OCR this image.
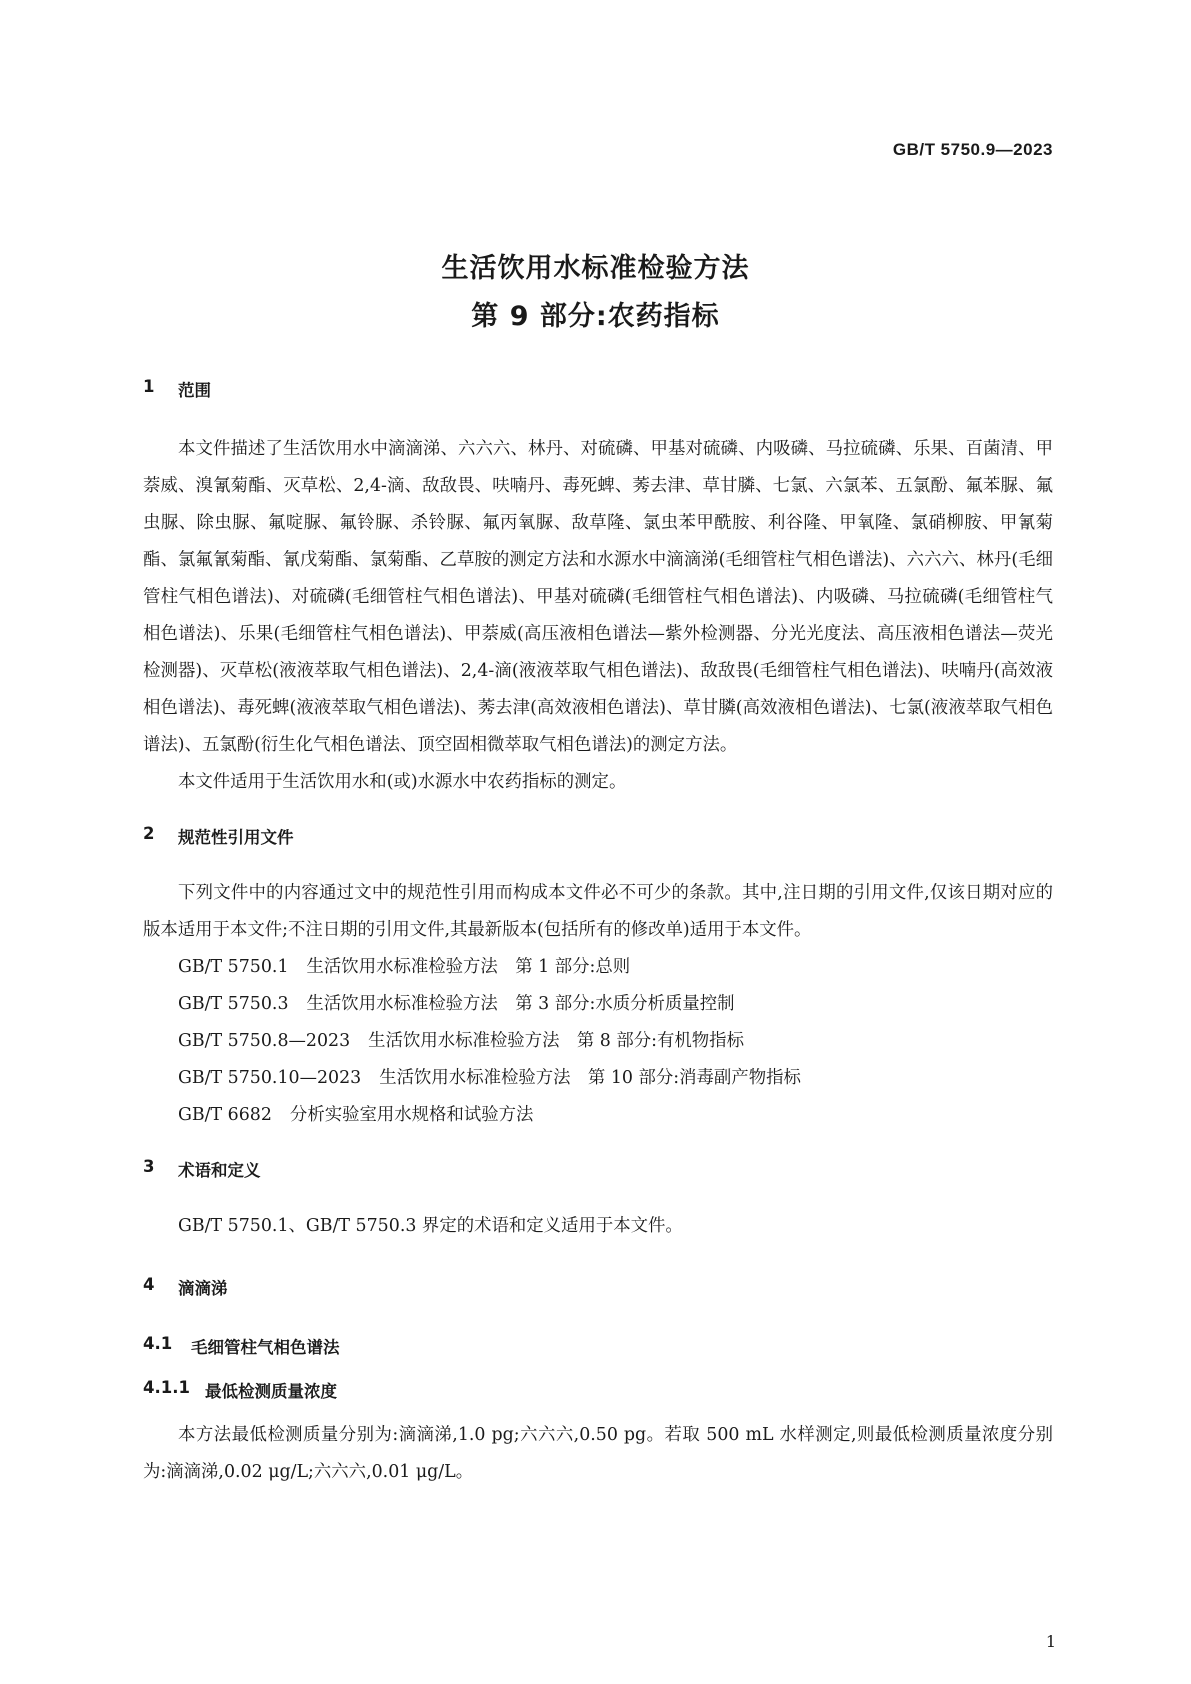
GB/T 5750.9—2023
生活饮用水标准检验方法
第 9 部分:农药指标
1	范围

本文件描述了生活饮用水中滴滴涕、六六六、林丹、对硫磷、甲基对硫磷、内吸磷、马拉硫磷、乐果、百菌清、甲萘威、溴氰菊酯、灭草松、2,4-滴、敌敌畏、呋喃丹、毒死蜱、莠去津、草甘膦、七氯、六氯苯、五氯酚、氟苯脲、氟虫脲、除虫脲、氟啶脲、氟铃脲、杀铃脲、氟丙氧脲、敌草隆、氯虫苯甲酰胺、利谷隆、甲氧隆、氯硝柳胺、甲氰菊酯、氯氟氰菊酯、氰戊菊酯、氯菊酯、乙草胺的测定方法和水源水中滴滴涕(毛细管柱气相色谱法)、六六六、林丹(毛细管柱气相色谱法)、对硫磷(毛细管柱气相色谱法)、甲基对硫磷(毛细管柱气相色谱法)、内吸磷、马拉硫磷(毛细管柱气相色谱法)、乐果(毛细管柱气相色谱法)、甲萘威(高压液相色谱法—紫外检测器、分光光度法、高压液相色谱法—荧光检测器)、灭草松(液液萃取气相色谱法)、2,4-滴(液液萃取气相色谱法)、敌敌畏(毛细管柱气相色谱法)、呋喃丹(高效液相色谱法)、毒死蜱(液液萃取气相色谱法)、莠去津(高效液相色谱法)、草甘膦(高效液相色谱法)、七氯(液液萃取气相色谱法)、五氯酚(衍生化气相色谱法、顶空固相微萃取气相色谱法)的测定方法。

本文件适用于生活饮用水和(或)水源水中农药指标的测定。

2	规范性引用文件

下列文件中的内容通过文中的规范性引用而构成本文件必不可少的条款。其中,注日期的引用文件,仅该日期对应的版本适用于本文件;不注日期的引用文件,其最新版本(包括所有的修改单)适用于本文件。

GB/T 5750.1 生活饮用水标准检验方法　第 1 部分:总则
GB/T 5750.3 生活饮用水标准检验方法　第 3 部分:水质分析质量控制
GB/T 5750.8—2023 生活饮用水标准检验方法　第 8 部分:有机物指标
GB/T 5750.10—2023 生活饮用水标准检验方法　第 10 部分:消毒副产物指标
GB/T 6682 分析实验室用水规格和试验方法
3	术语和定义

GB/T 5750.1、GB/T 5750.3 界定的术语和定义适用于本文件。

4	滴滴涕
4.1	毛细管柱气相色谱法
4.1.1 最低检测质量浓度

本方法最低检测质量分别为:滴滴涕,1.0 pg;六六六,0.50 pg。若取 500 mL 水样测定,则最低检测质量浓度分别为:滴滴涕,0.02 μg/L;六六六,0.01 μg/L。

1
